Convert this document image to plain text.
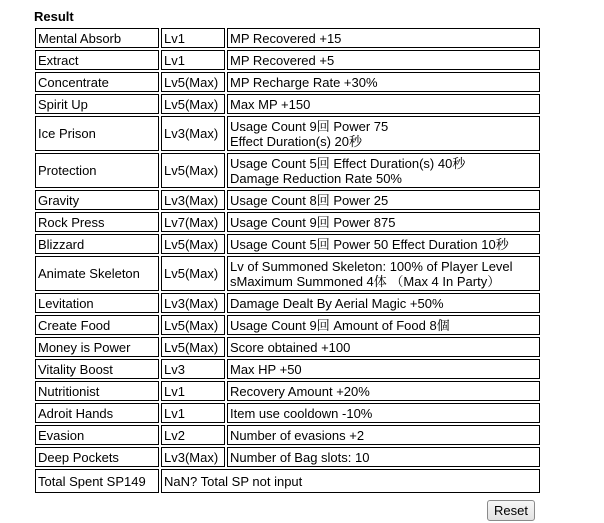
Result
Mental Absorb	Lv1	MP Recovered +15

Extract	Lv1	MP Recovered +5

Concentrate	Lv5(Max)	MP Recharge Rate +30%

Spirit Up	Lv5(Max)	Max MP +150

Ice Prison	Lv3(Max)	Usage Count 9回 Power 75
Effect Duration(s) 20秒

Protection	Lv5(Max)	Usage Count 5回 Effect Duration(s) 40秒
Damage Reduction Rate 50%

Gravity	Lv3(Max)	Usage Count 8回 Power 25

Rock Press	Lv7(Max)	Usage Count 9回 Power 875

Blizzard	Lv5(Max)	Usage Count 5回 Power 50 Effect Duration 10秒

Animate Skeleton	Lv5(Max)	Lv of Summoned Skeleton: 100% of Player Level
sMaximum Summoned 4体 （Max 4 In Party）

Levitation	Lv3(Max)	Damage Dealt By Aerial Magic +50%

Create Food	Lv5(Max)	Usage Count 9回 Amount of Food 8個

Money is Power	Lv5(Max)	Score obtained +100

Vitality Boost	Lv3	Max HP +50

Nutritionist	Lv1	Recovery Amount +20%

Adroit Hands	Lv1	Item use cooldown -10%

Evasion	Lv2	Number of evasions +2

Deep Pockets	Lv3(Max)	Number of Bag slots: 10

Total Spent SP149	NaN? Total SP not input	
Reset
